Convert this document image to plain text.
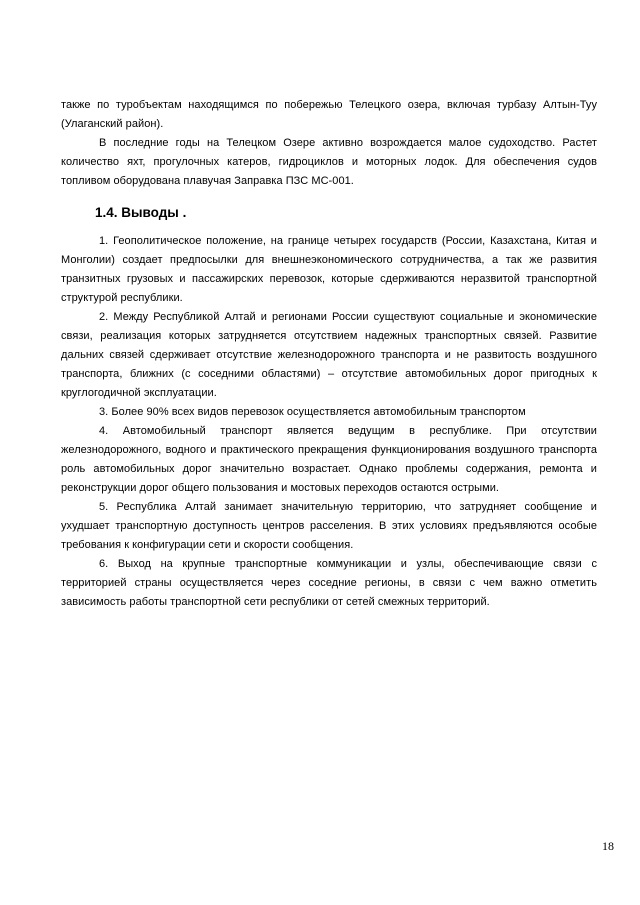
также по туробъектам находящимся по побережью Телецкого озера, включая турбазу Алтын-Туу (Улаганский район).

В последние годы на Телецком Озере активно возрождается малое судоходство. Растет количество яхт, прогулочных катеров, гидроциклов и моторных лодок. Для обеспечения судов топливом оборудована плавучая Заправка ПЗС МС-001.

1.4. Выводы .

1. Геополитическое положение, на границе четырех государств (России, Казахстана, Китая и Монголии) создает предпосылки для внешнеэкономического сотрудничества, а так же развития транзитных грузовых и пассажирских перевозок, которые сдерживаются неразвитой транспортной структурой республики.

2. Между Республикой Алтай и регионами России существуют социальные и экономические связи, реализация которых затрудняется отсутствием надежных транспортных связей. Развитие дальних связей сдерживает отсутствие железнодорожного транспорта и не развитость воздушного транспорта, ближних (с соседними областями) – отсутствие автомобильных дорог пригодных к круглогодичной эксплуатации.

3. Более 90% всех видов перевозок осуществляется автомобильным транспортом

4. Автомобильный транспорт является ведущим в республике. При отсутствии железнодорожного, водного и практического прекращения функционирования воздушного транспорта роль автомобильных дорог значительно возрастает. Однако проблемы содержания, ремонта и реконструкции дорог общего пользования и мостовых переходов остаются острыми.

5. Республика Алтай занимает значительную территорию, что затрудняет сообщение и ухудшает транспортную доступность центров расселения. В этих условиях предъявляются особые требования к конфигурации сети и скорости сообщения.

6. Выход на крупные транспортные коммуникации и узлы, обеспечивающие связи с территорией страны осуществляется через соседние регионы, в связи с чем важно отметить зависимость работы транспортной сети республики от сетей смежных территорий.

18
